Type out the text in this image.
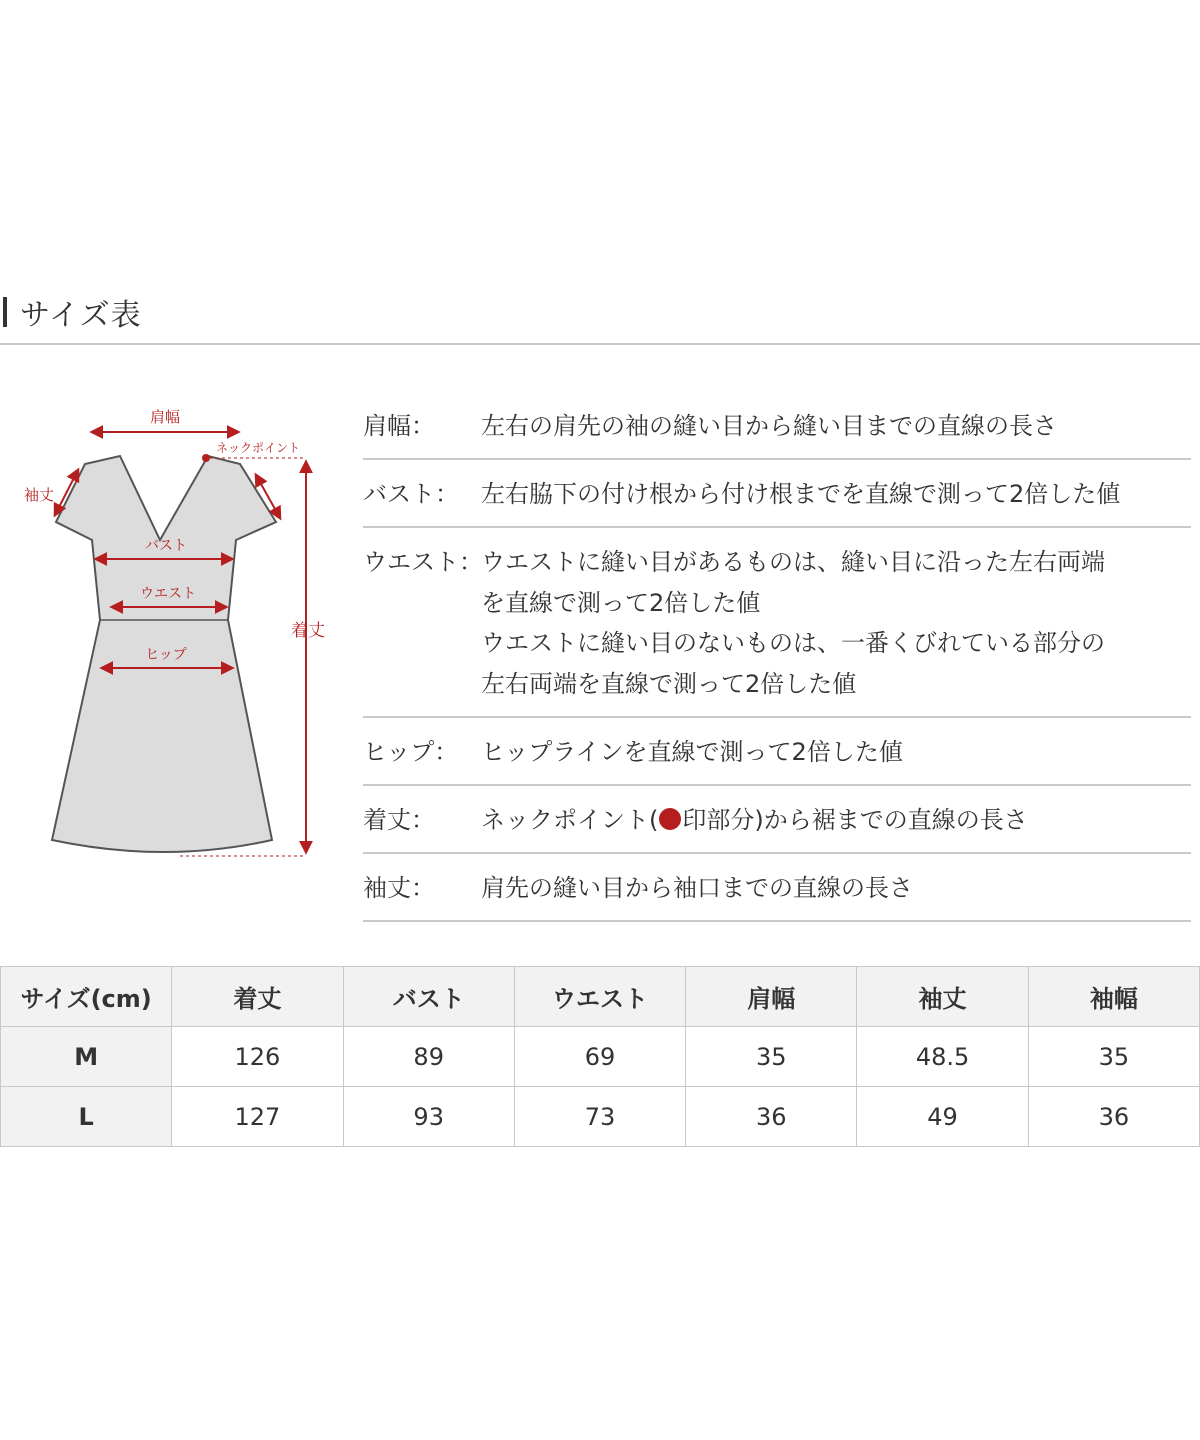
サイズ表
肩幅
ネックポイント
袖丈
バスト
ウエスト
ヒップ
着丈
肩幅：	左右の肩先の袖の縫い目から縫い目までの直線の長さ
バスト： 左右脇下の付け根から付け根までを直線で測って2倍した値
ウエスト：
ウエストに縫い目があるものは、縫い目に沿った左右両端
を直線で測って2倍した値
ウエストに縫い目のないものは、一番くびれている部分の
左右両端を直線で測って2倍した値
ヒップ： ヒップラインを直線で測って2倍した値
着丈：	ネックポイント( 印部分)から裾までの直線の長さ
袖丈：	肩先の縫い目から袖口までの直線の長さ
サイズ(cm)	着丈	バスト	ウエスト	肩幅	袖丈	袖幅
M	126	89	69	35	48.5	35
L	127	93	73	36	49	36
